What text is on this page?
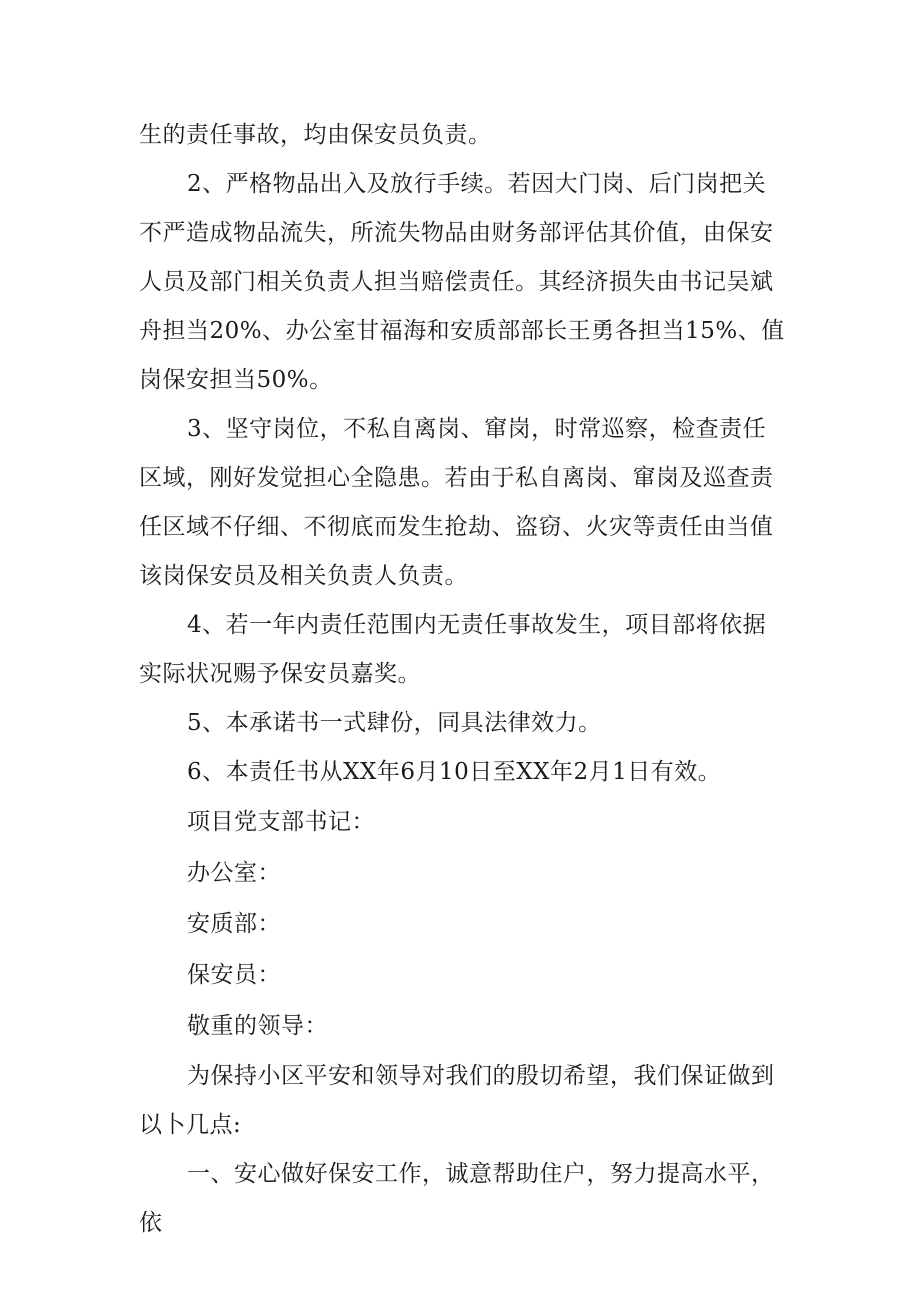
生的责任事故，均由保安员负责。

2、严格物品出入及放行手续。若因大门岗、后门岗把关不严造成物品流失，所流失物品由财务部评估其价值，由保安人员及部门相关负责人担当赔偿责任。其经济损失由书记吴斌舟担当20%、办公室甘福海和安质部部长王勇各担当15%、值岗保安担当50%。

3、坚守岗位，不私自离岗、窜岗，时常巡察，检查责任区域，刚好发觉担心全隐患。若由于私自离岗、窜岗及巡查责任区域不仔细、不彻底而发生抢劫、盗窃、火灾等责任由当值该岗保安员及相关负责人负责。

4、若一年内责任范围内无责任事故发生，项目部将依据实际状况赐予保安员嘉奖。

5、本承诺书一式肆份，同具法律效力。

6、本责任书从XX年6月10日至XX年2月1日有效。

项目党支部书记：

办公室：

安质部：

保安员：

敬重的领导：

为保持小区平安和领导对我们的殷切希望，我们保证做到以卜几点:

一、安心做好保安工作，诚意帮助住户，努力提高水平，依
